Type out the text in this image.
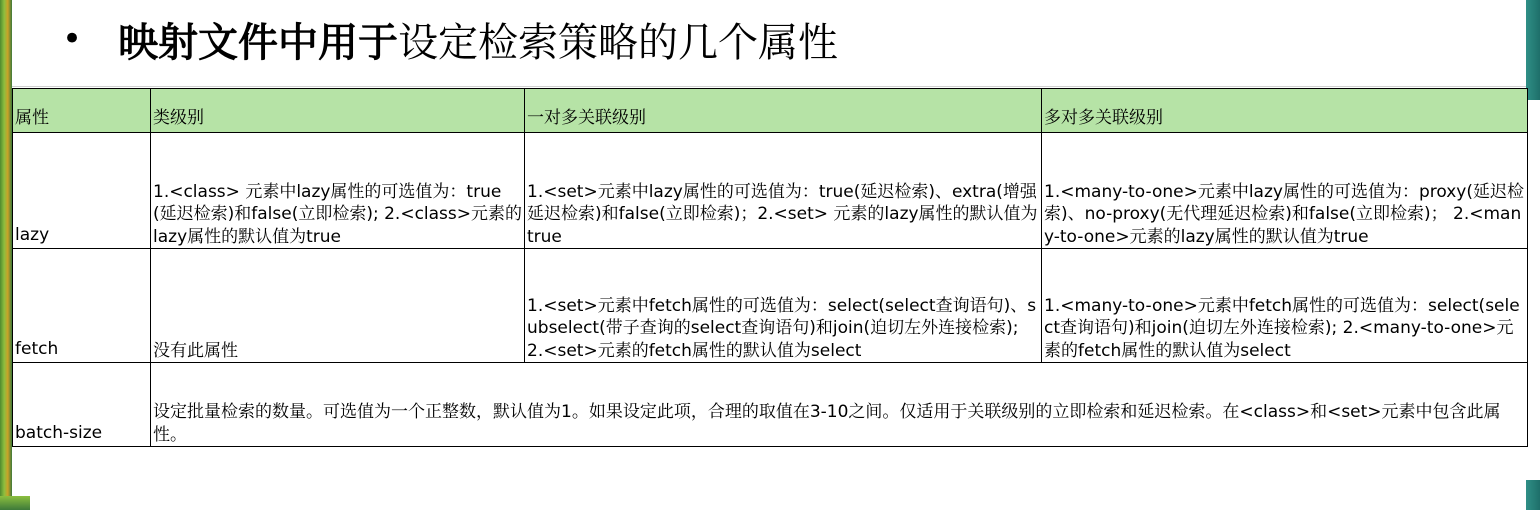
• 映射文件中用于 设定检索策略的几个属性
属性	类级别	一对多关联级别	多对多关联级别
lazy	1.<class> 元素中lazy属性的可选值为：true(延迟检索)和false(立即检索); 2.<class>元素的lazy属性的默认值为true	1.<set>元素中lazy属性的可选值为：true(延迟检索)、extra(增强延迟检索)和false(立即检索)；2.<set> 元素的lazy属性的默认值为true	1.<many-to-one>元素中lazy属性的可选值为：proxy(延迟检索)、no-proxy(无代理延迟检索)和false(立即检索)； 2.<many-to-one>元素的lazy属性的默认值为true
fetch	没有此属性	1.<set>元素中fetch属性的可选值为：select(select查询语句)、subselect(带子查询的select查询语句)和join(迫切左外连接检索); 2.<set>元素的fetch属性的默认值为select	1.<many-to-one>元素中fetch属性的可选值为：select(select查询语句)和join(迫切左外连接检索); 2.<many-to-one>元素的fetch属性的默认值为select
batch-size	设定批量检索的数量。可选值为一个正整数，默认值为1。如果设定此项，合理的取值在3-10之间。仅适用于关联级别的立即检索和延迟检索。在<class>和<set>元素中包含此属性。		
